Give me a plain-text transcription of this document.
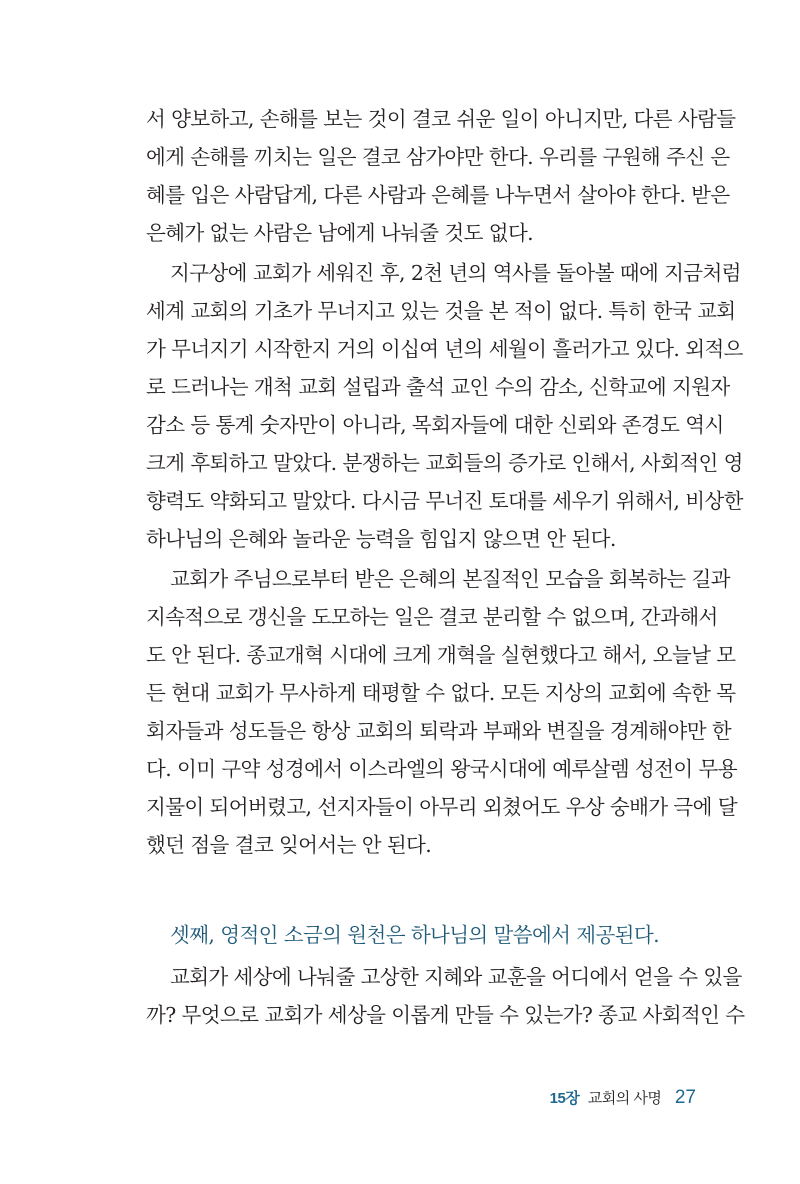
서 양보하고, 손해를 보는 것이 결코 쉬운 일이 아니지만, 다른 사람들
에게 손해를 끼치는 일은 결코 삼가야만 한다. 우리를 구원해 주신 은
혜를 입은 사람답게, 다른 사람과 은혜를 나누면서 살아야 한다. 받은
은혜가 없는 사람은 남에게 나눠줄 것도 없다.
지구상에 교회가 세워진 후, 2천 년의 역사를 돌아볼 때에 지금처럼
세계 교회의 기초가 무너지고 있는 것을 본 적이 없다. 특히 한국 교회
가 무너지기 시작한지 거의 이십여 년의 세월이 흘러가고 있다. 외적으
로 드러나는 개척 교회 설립과 출석 교인 수의 감소, 신학교에 지원자
감소 등 통계 숫자만이 아니라, 목회자들에 대한 신뢰와 존경도 역시
크게 후퇴하고 말았다. 분쟁하는 교회들의 증가로 인해서, 사회적인 영
향력도 약화되고 말았다. 다시금 무너진 토대를 세우기 위해서, 비상한
하나님의 은혜와 놀라운 능력을 힘입지 않으면 안 된다.
교회가 주님으로부터 받은 은혜의 본질적인 모습을 회복하는 길과
지속적으로 갱신을 도모하는 일은 결코 분리할 수 없으며, 간과해서
도 안 된다. 종교개혁 시대에 크게 개혁을 실현했다고 해서, 오늘날 모
든 현대 교회가 무사하게 태평할 수 없다. 모든 지상의 교회에 속한 목
회자들과 성도들은 항상 교회의 퇴락과 부패와 변질을 경계해야만 한
다. 이미 구약 성경에서 이스라엘의 왕국시대에 예루살렘 성전이 무용
지물이 되어버렸고, 선지자들이 아무리 외쳤어도 우상 숭배가 극에 달
했던 점을 결코 잊어서는 안 된다.
셋째, 영적인 소금의 원천은 하나님의 말씀에서 제공된다.
교회가 세상에 나눠줄 고상한 지혜와 교훈을 어디에서 얻을 수 있을
까? 무엇으로 교회가 세상을 이롭게 만들 수 있는가? 종교 사회적인 수
15장 교회의 사명 27
